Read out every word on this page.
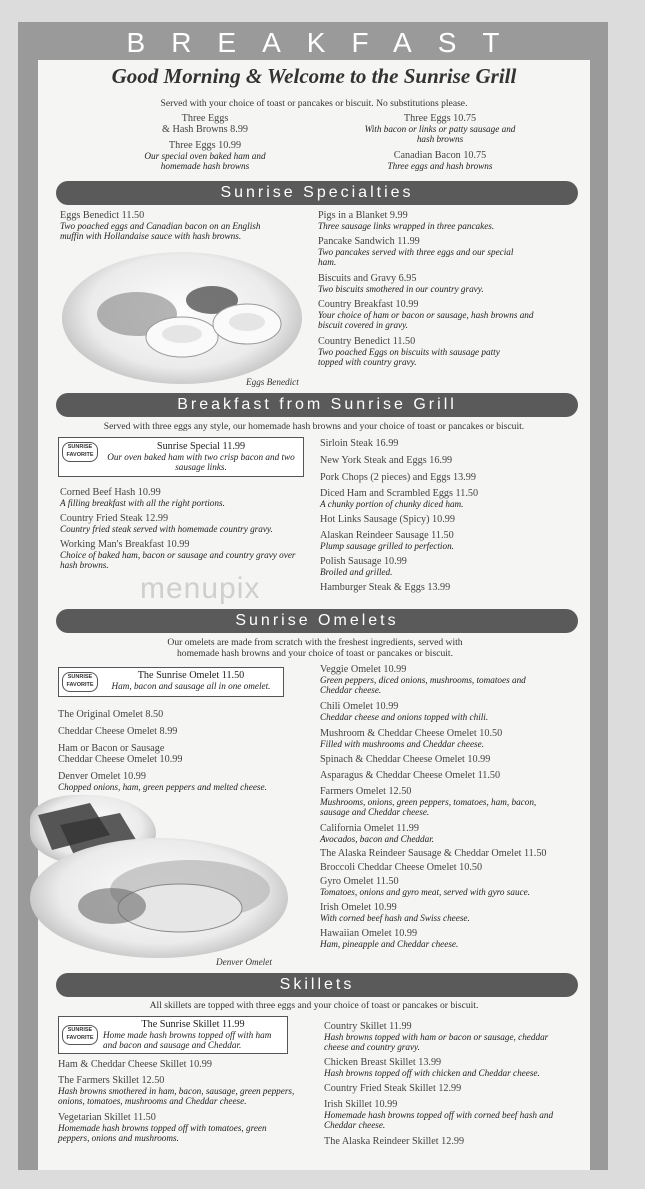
BREAKFAST
Good Morning & Welcome to the Sunrise Grill
Served with your choice of toast or pancakes or biscuit. No substitutions please.
Three Eggs
& Hash Browns 8.99
Three Eggs 10.75
With bacon or links or patty sausage and hash browns
Three Eggs 10.99
Our special oven baked ham and homemade hash browns
Canadian Bacon 10.75
Three eggs and hash browns
Sunrise Specialties
Eggs Benedict 11.50
Two poached eggs and Canadian bacon on an English muffin with Hollandaise sauce with hash browns.
Eggs Benedict
Pigs in a Blanket 9.99
Three sausage links wrapped in three pancakes.
Pancake Sandwich 11.99
Two pancakes served with three eggs and our special ham.
Biscuits and Gravy 6.95
Two biscuits smothered in our country gravy.
Country Breakfast 10.99
Your choice of ham or bacon or sausage, hash browns and biscuit covered in gravy.
Country Benedict 11.50
Two poached Eggs on biscuits with sausage patty topped with country gravy.
Breakfast from Sunrise Grill
Served with three eggs any style, our homemade hash browns and your choice of toast or pancakes or biscuit.
SUNRISE FAVORITE
Sunrise Special 11.99
Our oven baked ham with two crisp bacon and two sausage links.
Corned Beef Hash 10.99
A filling breakfast with all the right portions.
Country Fried Steak 12.99
Country fried steak served with homemade country gravy.
Working Man's Breakfast 10.99
Choice of baked ham, bacon or sausage and country gravy over hash browns.
Sirloin Steak 16.99
New York Steak and Eggs 16.99
Pork Chops (2 pieces) and Eggs 13.99
Diced Ham and Scrambled Eggs 11.50
A chunky portion of chunky diced ham.
Hot Links Sausage (Spicy) 10.99
Alaskan Reindeer Sausage 11.50
Plump sausage grilled to perfection.
Polish Sausage 10.99
Broiled and grilled.
Hamburger Steak & Eggs 13.99
menupix
Sunrise Omelets
Our omelets are made from scratch with the freshest ingredients, served with homemade hash browns and your choice of toast or pancakes or biscuit.
SUNRISE FAVORITE
The Sunrise Omelet 11.50
Ham, bacon and sausage all in one omelet.
The Original Omelet 8.50
Cheddar Cheese Omelet 8.99
Ham or Bacon or Sausage
Cheddar Cheese Omelet 10.99
Denver Omelet 10.99
Chopped onions, ham, green peppers and melted cheese.
Denver Omelet
Veggie Omelet 10.99
Green peppers, diced onions, mushrooms, tomatoes and Cheddar cheese.
Chili Omelet 10.99
Cheddar cheese and onions topped with chili.
Mushroom & Cheddar Cheese Omelet 10.50
Filled with mushrooms and Cheddar cheese.
Spinach & Cheddar Cheese Omelet 10.99
Asparagus & Cheddar Cheese Omelet 11.50
Farmers Omelet 12.50
Mushrooms, onions, green peppers, tomatoes, ham, bacon, sausage and Cheddar cheese.
California Omelet 11.99
Avocados, bacon and Cheddar.
The Alaska Reindeer Sausage & Cheddar Omelet 11.50
Broccoli Cheddar Cheese Omelet 10.50
Gyro Omelet 11.50
Tomatoes, onions and gyro meat, served with gyro sauce.
Irish Omelet 10.99
With corned beef hash and Swiss cheese.
Hawaiian Omelet 10.99
Ham, pineapple and Cheddar cheese.
Skillets
All skillets are topped with three eggs and your choice of toast or pancakes or biscuit.
SUNRISE FAVORITE
The Sunrise Skillet 11.99
Home made hash browns topped off with ham and bacon and sausage and Cheddar.
Ham & Cheddar Cheese Skillet 10.99
The Farmers Skillet 12.50
Hash browns smothered in ham, bacon, sausage, green peppers, onions, tomatoes, mushrooms and Cheddar cheese.
Vegetarian Skillet 11.50
Homemade hash browns topped off with tomatoes, green peppers, onions and mushrooms.
Country Skillet 11.99
Hash browns topped with ham or bacon or sausage, cheddar cheese and country gravy.
Chicken Breast Skillet 13.99
Hash browns topped off with chicken and Cheddar cheese.
Country Fried Steak Skillet 12.99
Irish Skillet 10.99
Homemade hash browns topped off with corned beef hash and Cheddar cheese.
The Alaska Reindeer Skillet 12.99
